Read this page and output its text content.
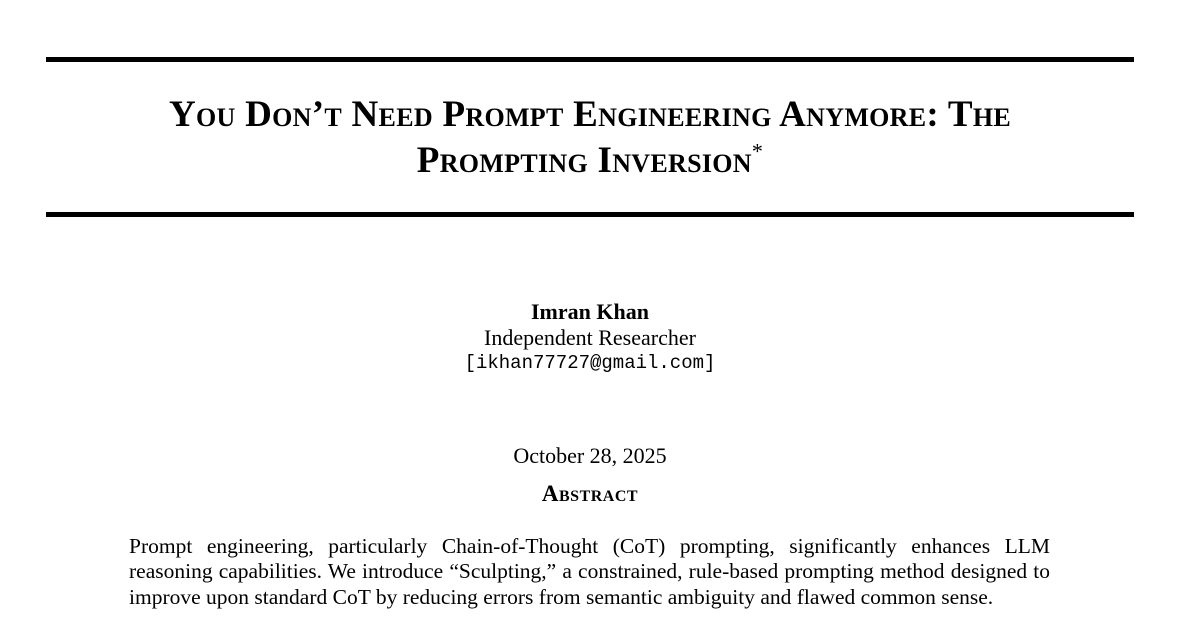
You Don’t Need Prompt Engineering Anymore: The
Prompting Inversion*
Imran Khan
Independent Researcher
[ikhan77727@gmail.com]
October 28, 2025
Abstract
Prompt engineering, particularly Chain-of-Thought (CoT) prompting, significantly enhances LLM reasoning capabilities. We introduce “Sculpting,” a constrained, rule-based prompting method designed to improve upon standard CoT by reducing errors from semantic ambiguity and flawed common sense.
